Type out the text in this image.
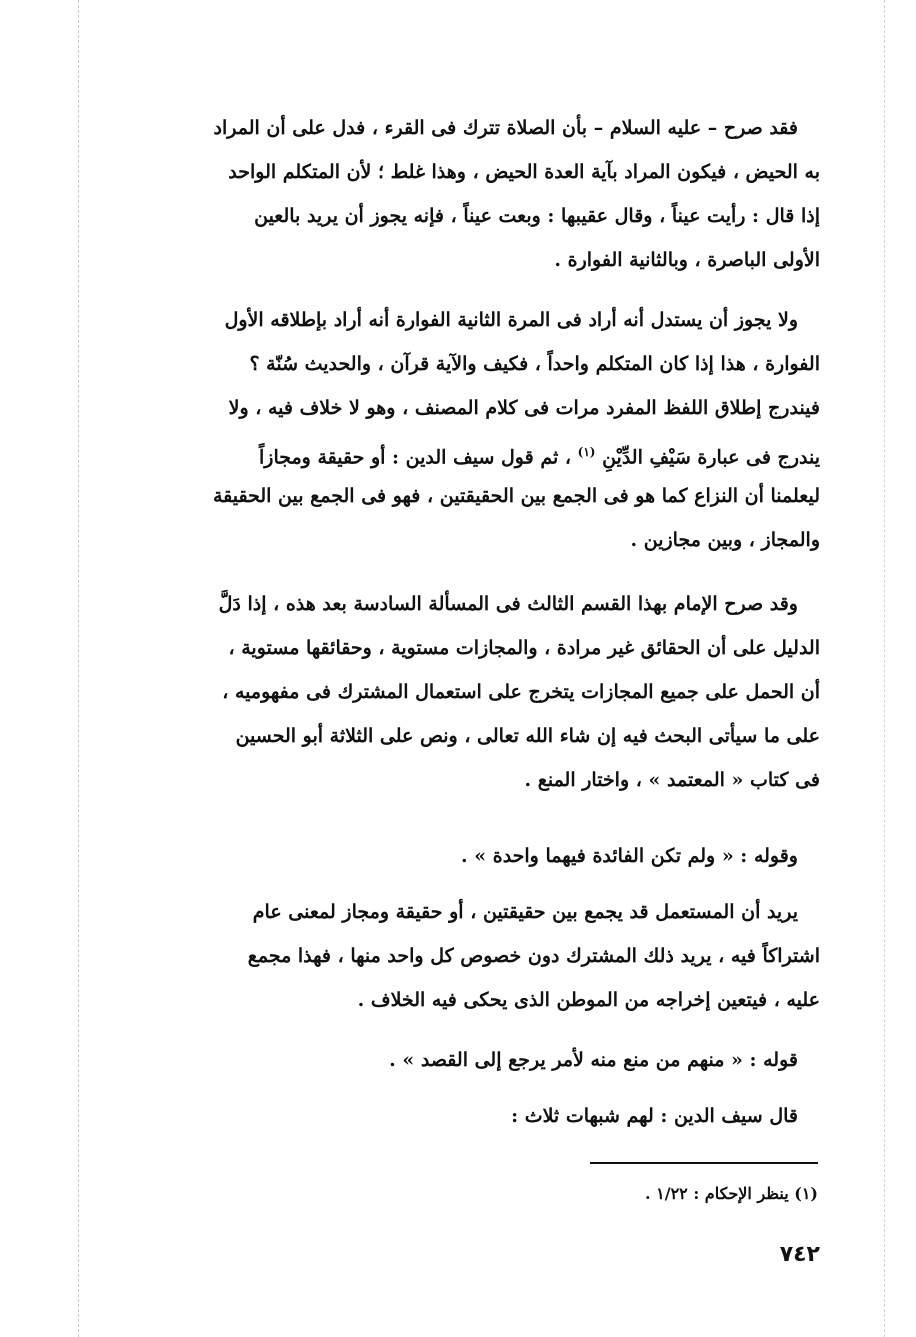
فقد صرح – عليه السلام – بأن الصلاة تترك فى القرء ، فدل على أن المراد
به الحيض ، فيكون المراد بآية العدة الحيض ، وهذا غلط ؛ لأن المتكلم الواحد
إذا قال : رأيت عيناً ، وقال عقيبها : وبعت عيناً ، فإنه يجوز أن يريد بالعين
الأولى الباصرة ، وبالثانية الفوارة .
ولا يجوز أن يستدل أنه أراد فى المرة الثانية الفوارة أنه أراد بإطلاقه الأول
الفوارة ، هذا إذا كان المتكلم واحداً ، فكيف والآية قرآن ، والحديث سُنّة ؟
فيندرج إطلاق اللفظ المفرد مرات فى كلام المصنف ، وهو لا خلاف فيه ، ولا
يندرج فى عبارة سَيْفِ الدِّيْنِ $^{(١)}$ ، ثم قول سيف الدين : أو حقيقة ومجازاً
ليعلمنا أن النزاع كما هو فى الجمع بين الحقيقتين ، فهو فى الجمع بين الحقيقة
والمجاز ، وبين مجازين .
وقد صرح الإمام بهذا القسم الثالث فى المسألة السادسة بعد هذه ، إذا دَلَّ
الدليل على أن الحقائق غير مرادة ، والمجازات مستوية ، وحقائقها مستوية ،
أن الحمل على جميع المجازات يتخرج على استعمال المشترك فى مفهوميه ،
على ما سيأتى البحث فيه إن شاء الله تعالى ، ونص على الثلاثة أبو الحسين
فى كتاب « المعتمد » ، واختار المنع .
وقوله : « ولم تكن الفائدة فيهما واحدة » .
يريد أن المستعمل قد يجمع بين حقيقتين ، أو حقيقة ومجاز لمعنى عام
اشتراكاً فيه ، يريد ذلك المشترك دون خصوص كل واحد منها ، فهذا مجمع
عليه ، فيتعين إخراجه من الموطن الذى يحكى فيه الخلاف .
قوله : « منهم من منع منه لأمر يرجع إلى القصد » .
قال سيف الدين : لهم شبهات ثلاث :
(١) ينظر الإحكام : ١/٢٢ .
٧٤٢
